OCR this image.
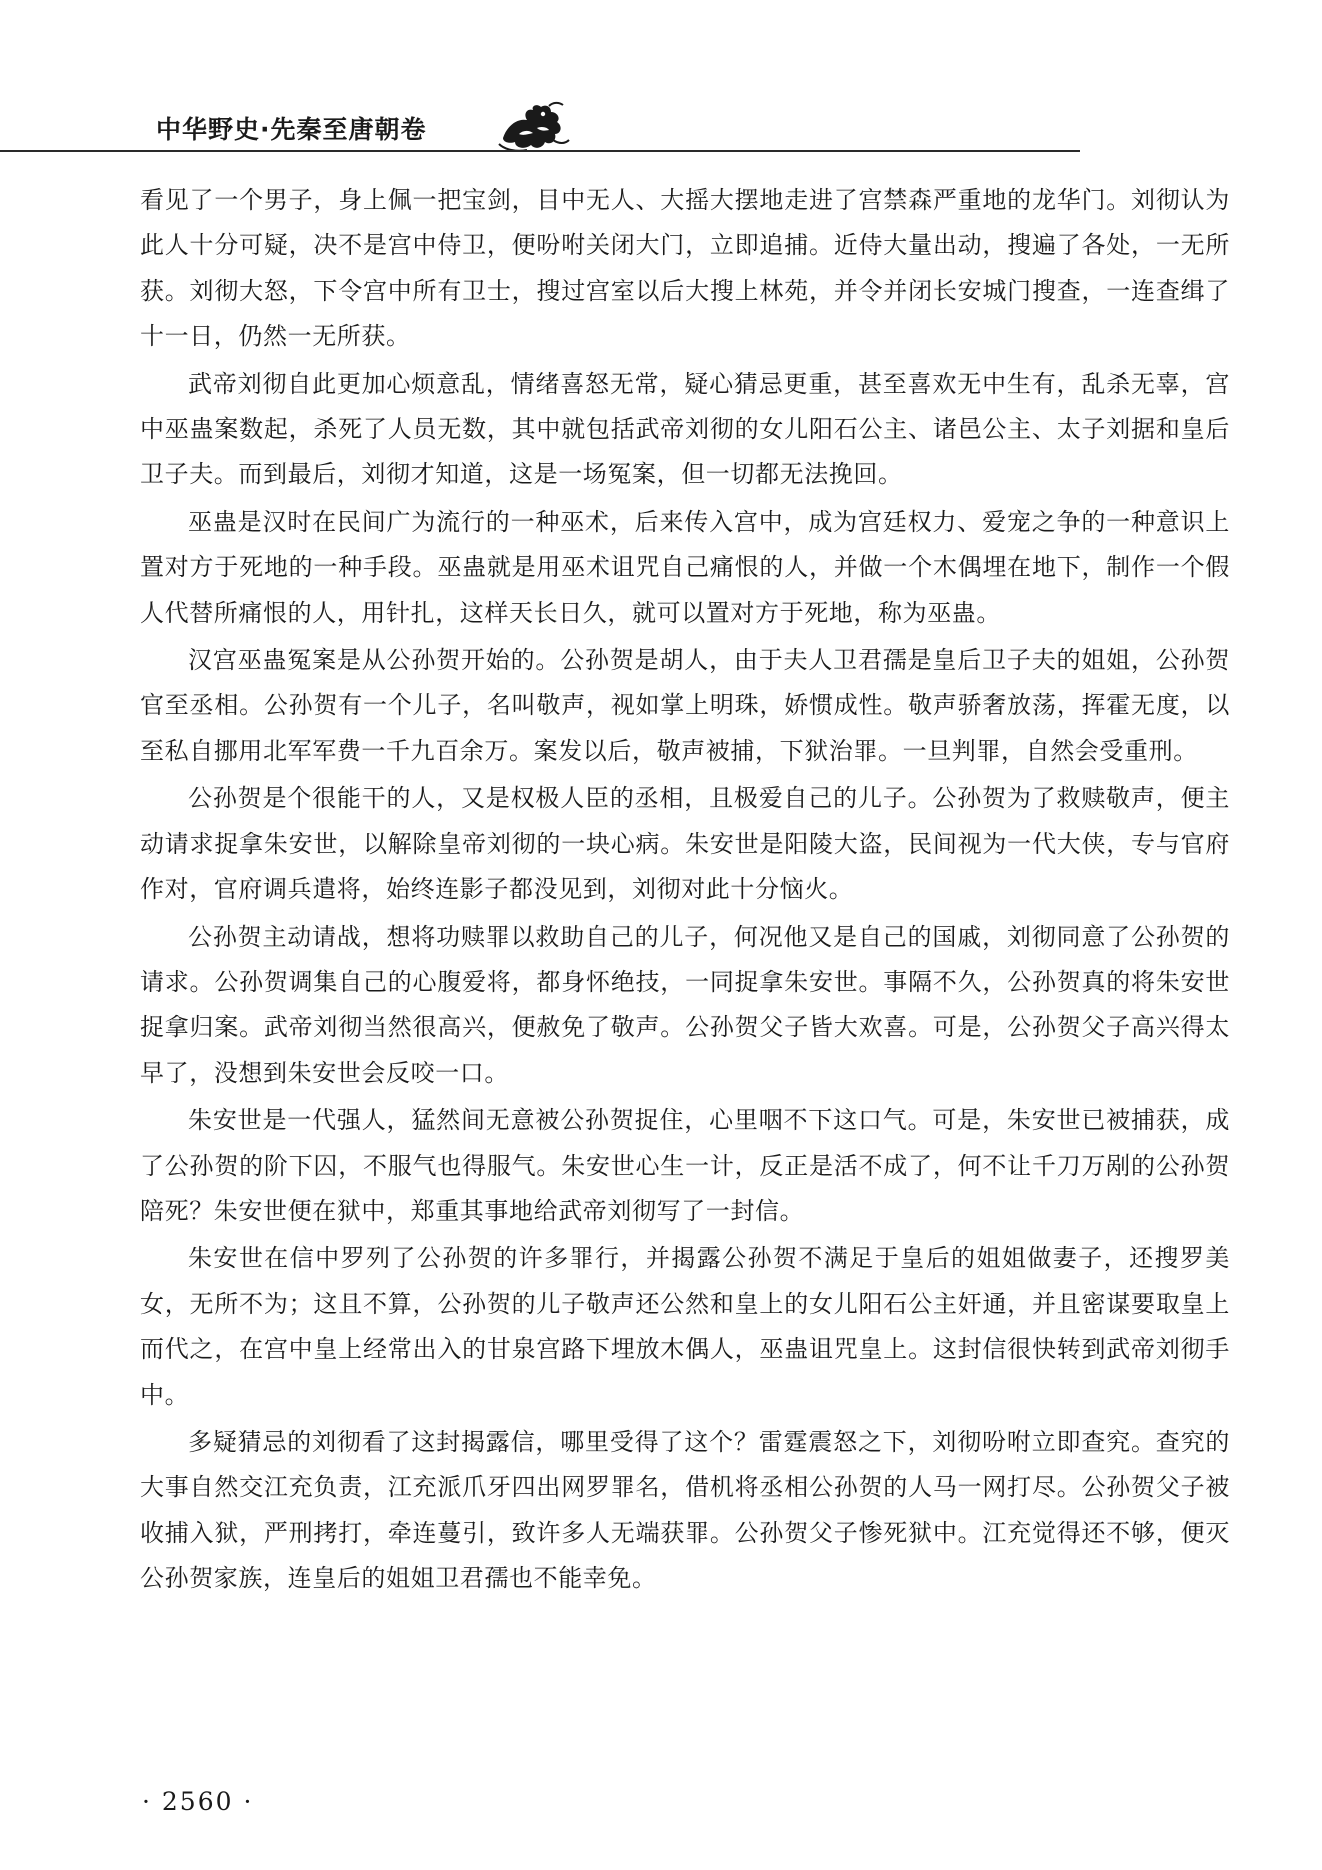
中华野史·先秦至唐朝卷

看见了一个男子，身上佩一把宝剑，目中无人、大摇大摆地走进了宫禁森严重地的龙华门。刘彻认为此人十分可疑，决不是宫中侍卫，便吩咐关闭大门，立即追捕。近侍大量出动，搜遍了各处，一无所获。刘彻大怒，下令宫中所有卫士，搜过宫室以后大搜上林苑，并令并闭长安城门搜查，一连查缉了十一日，仍然一无所获。

武帝刘彻自此更加心烦意乱，情绪喜怒无常，疑心猜忌更重，甚至喜欢无中生有，乱杀无辜，宫中巫蛊案数起，杀死了人员无数，其中就包括武帝刘彻的女儿阳石公主、诸邑公主、太子刘据和皇后卫子夫。而到最后，刘彻才知道，这是一场冤案，但一切都无法挽回。

巫蛊是汉时在民间广为流行的一种巫术，后来传入宫中，成为宫廷权力、爱宠之争的一种意识上置对方于死地的一种手段。巫蛊就是用巫术诅咒自己痛恨的人，并做一个木偶埋在地下，制作一个假人代替所痛恨的人，用针扎，这样天长日久，就可以置对方于死地，称为巫蛊。

汉宫巫蛊冤案是从公孙贺开始的。公孙贺是胡人，由于夫人卫君孺是皇后卫子夫的姐姐，公孙贺官至丞相。公孙贺有一个儿子，名叫敬声，视如掌上明珠，娇惯成性。敬声骄奢放荡，挥霍无度，以至私自挪用北军军费一千九百余万。案发以后，敬声被捕，下狱治罪。一旦判罪，自然会受重刑。

公孙贺是个很能干的人，又是权极人臣的丞相，且极爱自己的儿子。公孙贺为了救赎敬声，便主动请求捉拿朱安世，以解除皇帝刘彻的一块心病。朱安世是阳陵大盗，民间视为一代大侠，专与官府作对，官府调兵遣将，始终连影子都没见到，刘彻对此十分恼火。

公孙贺主动请战，想将功赎罪以救助自己的儿子，何况他又是自己的国戚，刘彻同意了公孙贺的请求。公孙贺调集自己的心腹爱将，都身怀绝技，一同捉拿朱安世。事隔不久，公孙贺真的将朱安世捉拿归案。武帝刘彻当然很高兴，便赦免了敬声。公孙贺父子皆大欢喜。可是，公孙贺父子高兴得太早了，没想到朱安世会反咬一口。

朱安世是一代强人，猛然间无意被公孙贺捉住，心里咽不下这口气。可是，朱安世已被捕获，成了公孙贺的阶下囚，不服气也得服气。朱安世心生一计，反正是活不成了，何不让千刀万剐的公孙贺陪死？朱安世便在狱中，郑重其事地给武帝刘彻写了一封信。

朱安世在信中罗列了公孙贺的许多罪行，并揭露公孙贺不满足于皇后的姐姐做妻子，还搜罗美女，无所不为；这且不算，公孙贺的儿子敬声还公然和皇上的女儿阳石公主奸通，并且密谋要取皇上而代之，在宫中皇上经常出入的甘泉宫路下埋放木偶人，巫蛊诅咒皇上。这封信很快转到武帝刘彻手中。

多疑猜忌的刘彻看了这封揭露信，哪里受得了这个？雷霆震怒之下，刘彻吩咐立即查究。查究的大事自然交江充负责，江充派爪牙四出网罗罪名，借机将丞相公孙贺的人马一网打尽。公孙贺父子被收捕入狱，严刑拷打，牵连蔓引，致许多人无端获罪。公孙贺父子惨死狱中。江充觉得还不够，便灭公孙贺家族，连皇后的姐姐卫君孺也不能幸免。

· 2560 ·
